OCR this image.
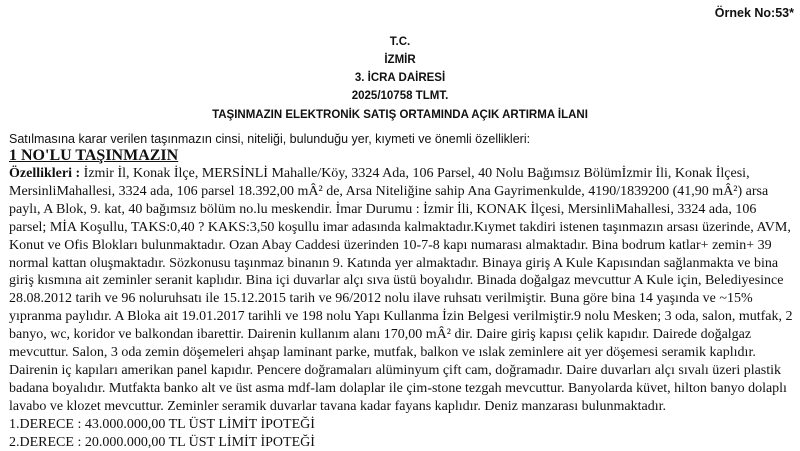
Örnek No:53*
T.C.
İZMİR
3. İCRA DAİRESİ
2025/10758 TLMT.
TAŞINMAZIN ELEKTRONİK SATIŞ ORTAMINDA AÇIK ARTIRMA İLANI
Satılmasına karar verilen taşınmazın cinsi, niteliği, bulunduğu yer, kıymeti ve önemli özellikleri:
1 NO'LU TAŞINMAZIN

Özellikleri : İzmir İl, Konak İlçe, MERSİNLİ Mahalle/Köy, 3324 Ada, 106 Parsel, 40 Nolu Bağımsız Bölümİzmir İli, Konak İlçesi, MersinliMahallesi, 3324 ada, 106 parsel 18.392,00 mÂ² de, Arsa Niteliğine sahip Ana Gayrimenkulde, 4190/1839200 (41,90 mÂ²) arsa paylı, A Blok, 9. kat, 40 bağımsız bölüm no.lu meskendir. İmar Durumu : İzmir İli, KONAK İlçesi, MersinliMahallesi, 3324 ada, 106 parsel; MİA Koşullu, TAKS:0,40 ? KAKS:3,50 koşullu imar adasında kalmaktadır.Kıymet takdiri istenen taşınmazın arsası üzerinde, AVM, Konut ve Ofis Blokları bulunmaktadır. Ozan Abay Caddesi üzerinden 10-7-8 kapı numarası almaktadır. Bina bodrum katlar+ zemin+ 39 normal kattan oluşmaktadır. Sözkonusu taşınmaz binanın 9. Katında yer almaktadır. Binaya giriş A Kule Kapısından sağlanmakta ve bina giriş kısmına ait zeminler seranit kaplıdır. Bina içi duvarlar alçı sıva üstü boyalıdır. Binada doğalgaz mevcuttur A Kule için, Belediyesince 28.08.2012 tarih ve 96 noluruhsatı ile 15.12.2015 tarih ve 96/2012 nolu ilave ruhsatı verilmiştir. Buna göre bina 14 yaşında ve ~15% yıpranma paylıdır. A Bloka ait 19.01.2017 tarihli ve 198 nolu Yapı Kullanma İzin Belgesi verilmiştir.9 nolu Mesken; 3 oda, salon, mutfak, 2 banyo, wc, koridor ve balkondan ibarettir. Dairenin kullanım alanı 170,00 mÂ² dir. Daire giriş kapısı çelik kapıdır. Dairede doğalgaz mevcuttur. Salon, 3 oda zemin döşemeleri ahşap laminant parke, mutfak, balkon ve ıslak zeminlere ait yer döşemesi seramik kaplıdır. Dairenin iç kapıları amerikan panel kapıdır. Pencere doğramaları alüminyum çift cam, doğramadır. Daire duvarları alçı sıvalı üzeri plastik badana boyalıdır. Mutfakta banko alt ve üst asma mdf-lam dolaplar ile çim-stone tezgah mevcuttur. Banyolarda küvet, hilton banyo dolaplı lavabo ve klozet mevcuttur. Zeminler seramik duvarlar tavana kadar fayans kaplıdır. Deniz manzarası bulunmaktadır.

1.DERECE : 43.000.000,00 TL ÜST LİMİT İPOTEĞİ
2.DERECE : 20.000.000,00 TL ÜST LİMİT İPOTEĞİ
